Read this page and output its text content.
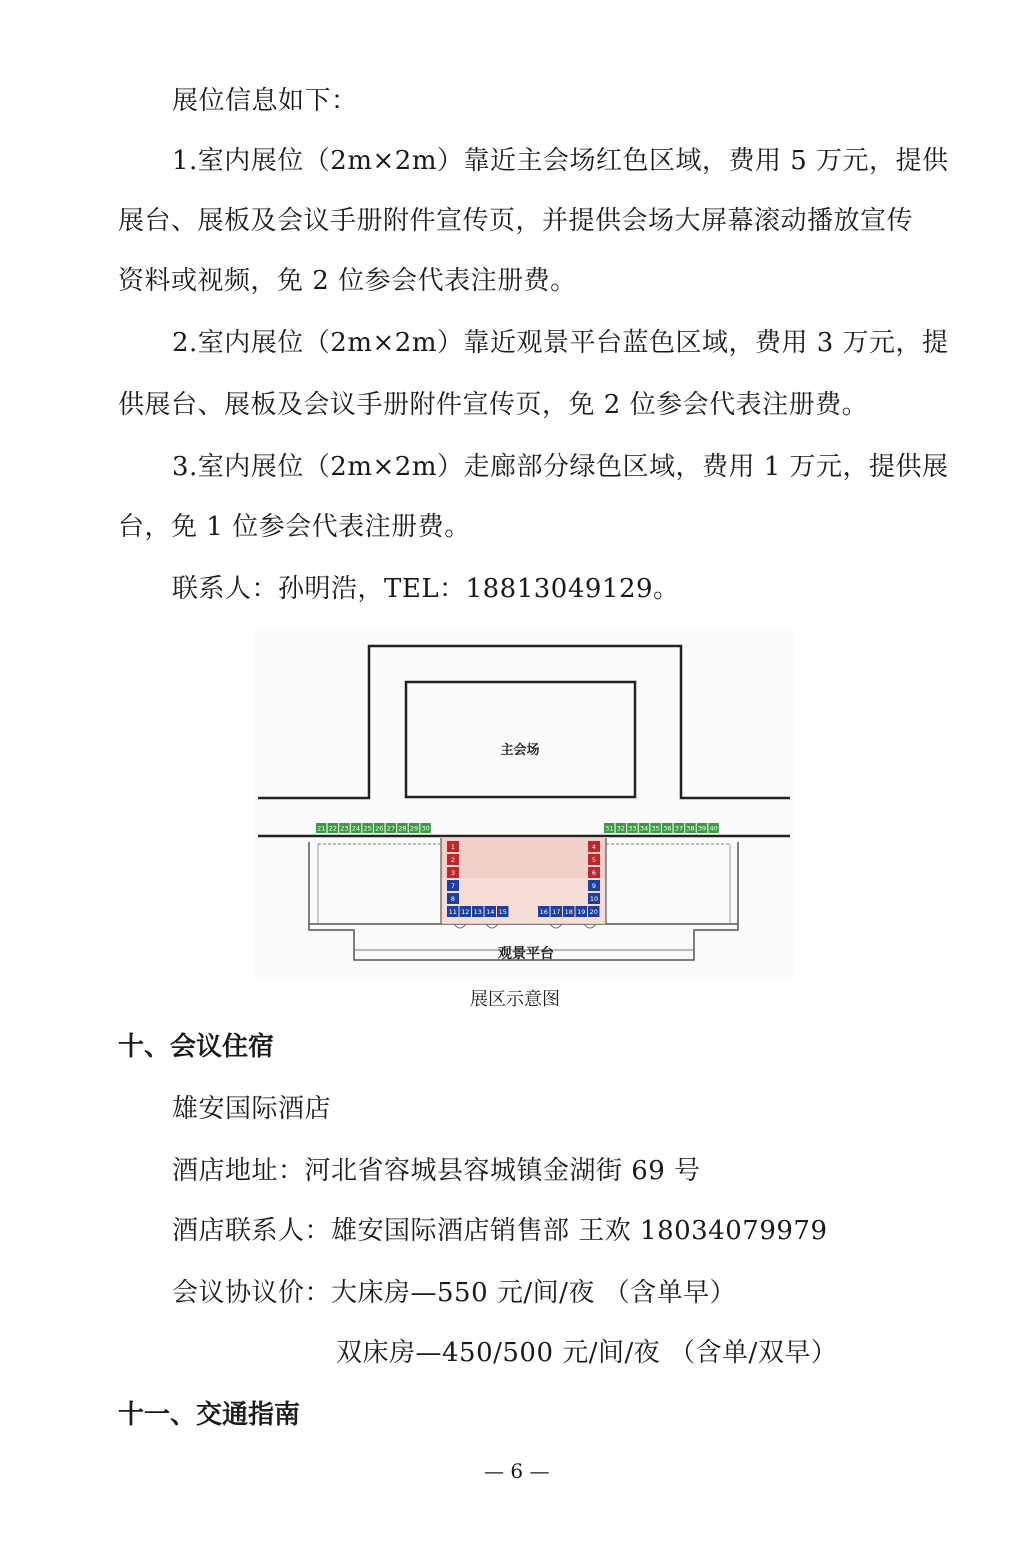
展位信息如下：
1.室内展位（2m×2m）靠近主会场红色区域，费用 5 万元，提供
展台、展板及会议手册附件宣传页，并提供会场大屏幕滚动播放宣传
资料或视频，免 2 位参会代表注册费。
2.室内展位（2m×2m）靠近观景平台蓝色区域，费用 3 万元，提
供展台、展板及会议手册附件宣传页，免 2 位参会代表注册费。
3.室内展位（2m×2m）走廊部分绿色区域，费用 1 万元，提供展
台，免 1 位参会代表注册费。
联系人：孙明浩，TEL：18813049129。
主会场
21 22 23 24 25 26 27 28 29 30	31 32 33 34 35 36 37 38 39 40
1
2
3
7
8
4
5
6
9
10
11 12 13 14 15	16 17 18 19 20
观景平台
展区示意图
十、会议住宿
雄安国际酒店
酒店地址：河北省容城县容城镇金湖街 69 号
酒店联系人：雄安国际酒店销售部 王欢 18034079979
会议协议价：大床房—550 元/间/夜 （含单早）
双床房—450/500 元/间/夜 （含单/双早）
十一、交通指南
— 6 —
